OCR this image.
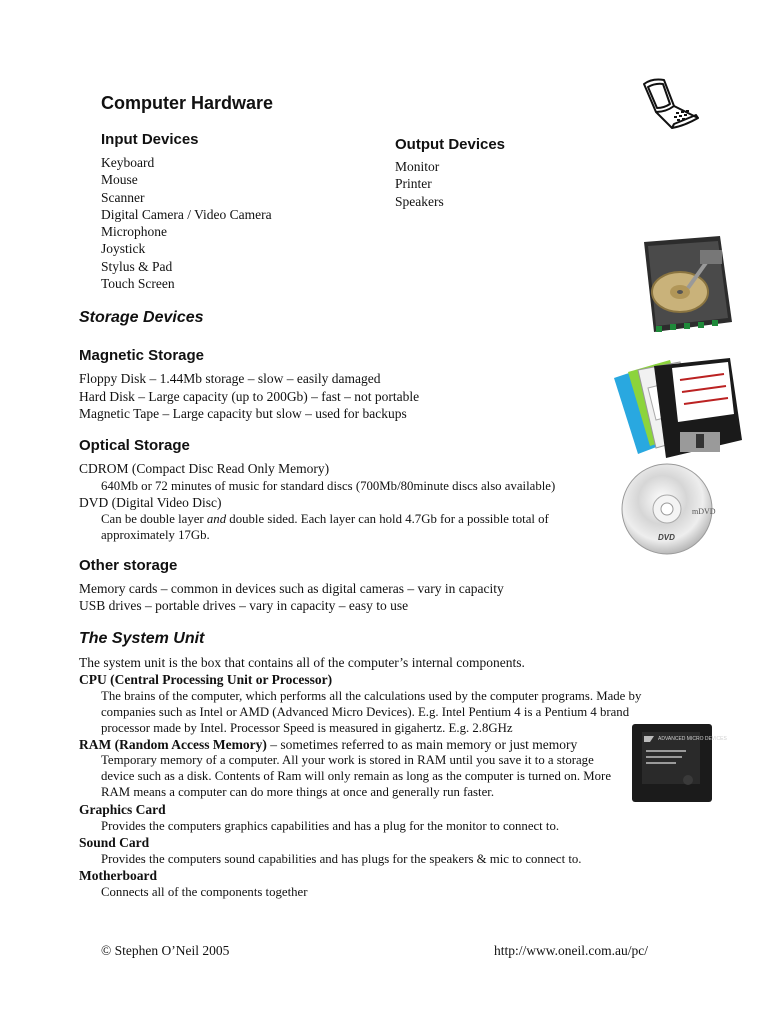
Computer Hardware
Input Devices
Keyboard
Mouse
Scanner
Digital Camera / Video Camera
Microphone
Joystick
Stylus & Pad
Touch Screen
Output Devices
Monitor
Printer
Speakers
Storage Devices
Magnetic Storage
Floppy Disk – 1.44Mb storage – slow – easily damaged
Hard Disk – Large capacity (up to 200Gb) – fast – not portable
Magnetic Tape – Large capacity but slow – used for backups
Optical Storage
CDROM (Compact Disc Read Only Memory)
640Mb or 72 minutes of music for standard discs (700Mb/80minute discs also available)
DVD (Digital Video Disc)
Can be double layer and double sided. Each layer can hold 4.7Gb for a possible total of approximately 17Gb.
mDVD
DVD
Other storage
Memory cards – common in devices such as digital cameras – vary in capacity
USB drives – portable drives – vary in capacity – easy to use
The System Unit
The system unit is the box that contains all of the computer’s internal components.
CPU (Central Processing Unit or Processor)
The brains of the computer, which performs all the calculations used by the computer programs. Made by companies such as Intel or AMD (Advanced Micro Devices). E.g. Intel Pentium 4 is a Pentium 4 brand processor made by Intel. Processor Speed is measured in gigahertz. E.g. 2.8GHz
RAM (Random Access Memory) – sometimes referred to as main memory or just memory
Temporary memory of a computer. All your work is stored in RAM until you save it to a storage device such as a disk. Contents of Ram will only remain as long as the computer is turned on. More RAM means a computer can do more things at once and generally run faster.
ADVANCED MICRO DEVICES
Graphics Card
Provides the computers graphics capabilities and has a plug for the monitor to connect to.
Sound Card
Provides the computers sound capabilities and has plugs for the speakers & mic to connect to.
Motherboard
Connects all of the components together
© Stephen O’Neil 2005	http://www.oneil.com.au/pc/
